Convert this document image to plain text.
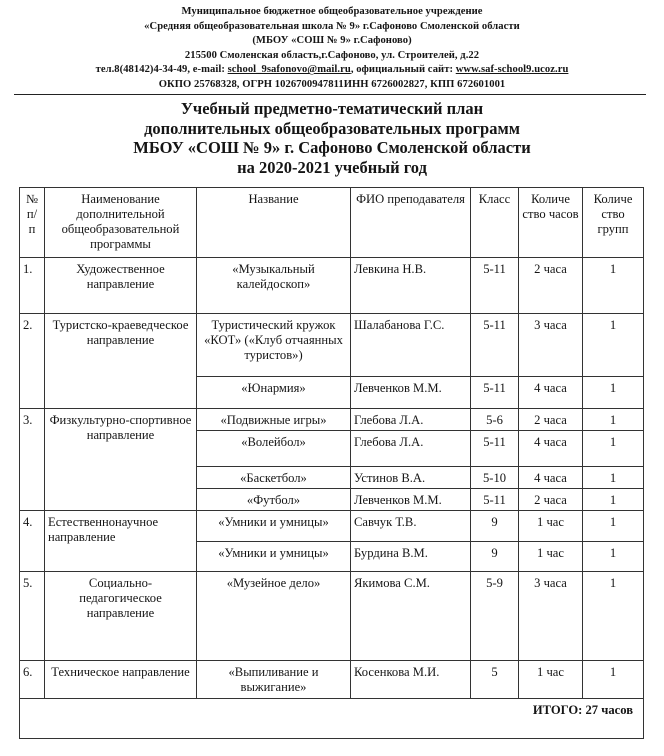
Муниципальное бюджетное общеобразовательное учреждение
«Средняя общеобразовательная школа № 9» г.Сафоново Смоленской области
(МБОУ «СОШ № 9» г.Сафоново)
215500 Смоленская область,г.Сафоново, ул. Строителей, д.22
тел.8(48142)4-34-49, e-mail: school_9safonovo@mail.ru, официальный сайт: www.saf-school9.ucoz.ru
ОКПО 25768328, ОГРН 1026700947811ИНН 6726002827, КПП 672601001
Учебный предметно-тематический план
дополнительных общеобразовательных программ
МБОУ «СОШ № 9» г. Сафоново Смоленской области
на 2020-2021 учебный год
№ п/ п	Наименование дополнительной общеобразовательной программы	Название	ФИО преподавателя	Класс	Количе ство часов	Количе ство групп
1.	Художественное направление	«Музыкальный калейдоскоп»	Левкина Н.В.	5-11	2 часа	1
2.	Туристско-краеведческое направление	Туристический кружок «КОТ» («Клуб отчаянных туристов»)	Шалабанова Г.С.	5-11	3 часа	1
		«Юнармия»	Левченков М.М.	5-11	4 часа	1
3.	Физкультурно-спортивное направление	«Подвижные игры»	Глебова Л.А.	5-6	2 часа	1
		«Волейбол»	Глебова Л.А.	5-11	4 часа	1
		«Баскетбол»	Устинов В.А.	5-10	4 часа	1
		«Футбол»	Левченков М.М.	5-11	2 часа	1
4.	Естественнонаучное направление	«Умники и умницы»	Савчук Т.В.	9	1 час	1
		«Умники и умницы»	Бурдина В.М.	9	1 час	1
5.	Социально-педагогическое направление	«Музейное дело»	Якимова С.М.	5-9	3 часа	1
6.	Техническое направление	«Выпиливание и выжигание»	Косенкова М.И.	5	1 час	1
ИТОГО: 27 часов						
